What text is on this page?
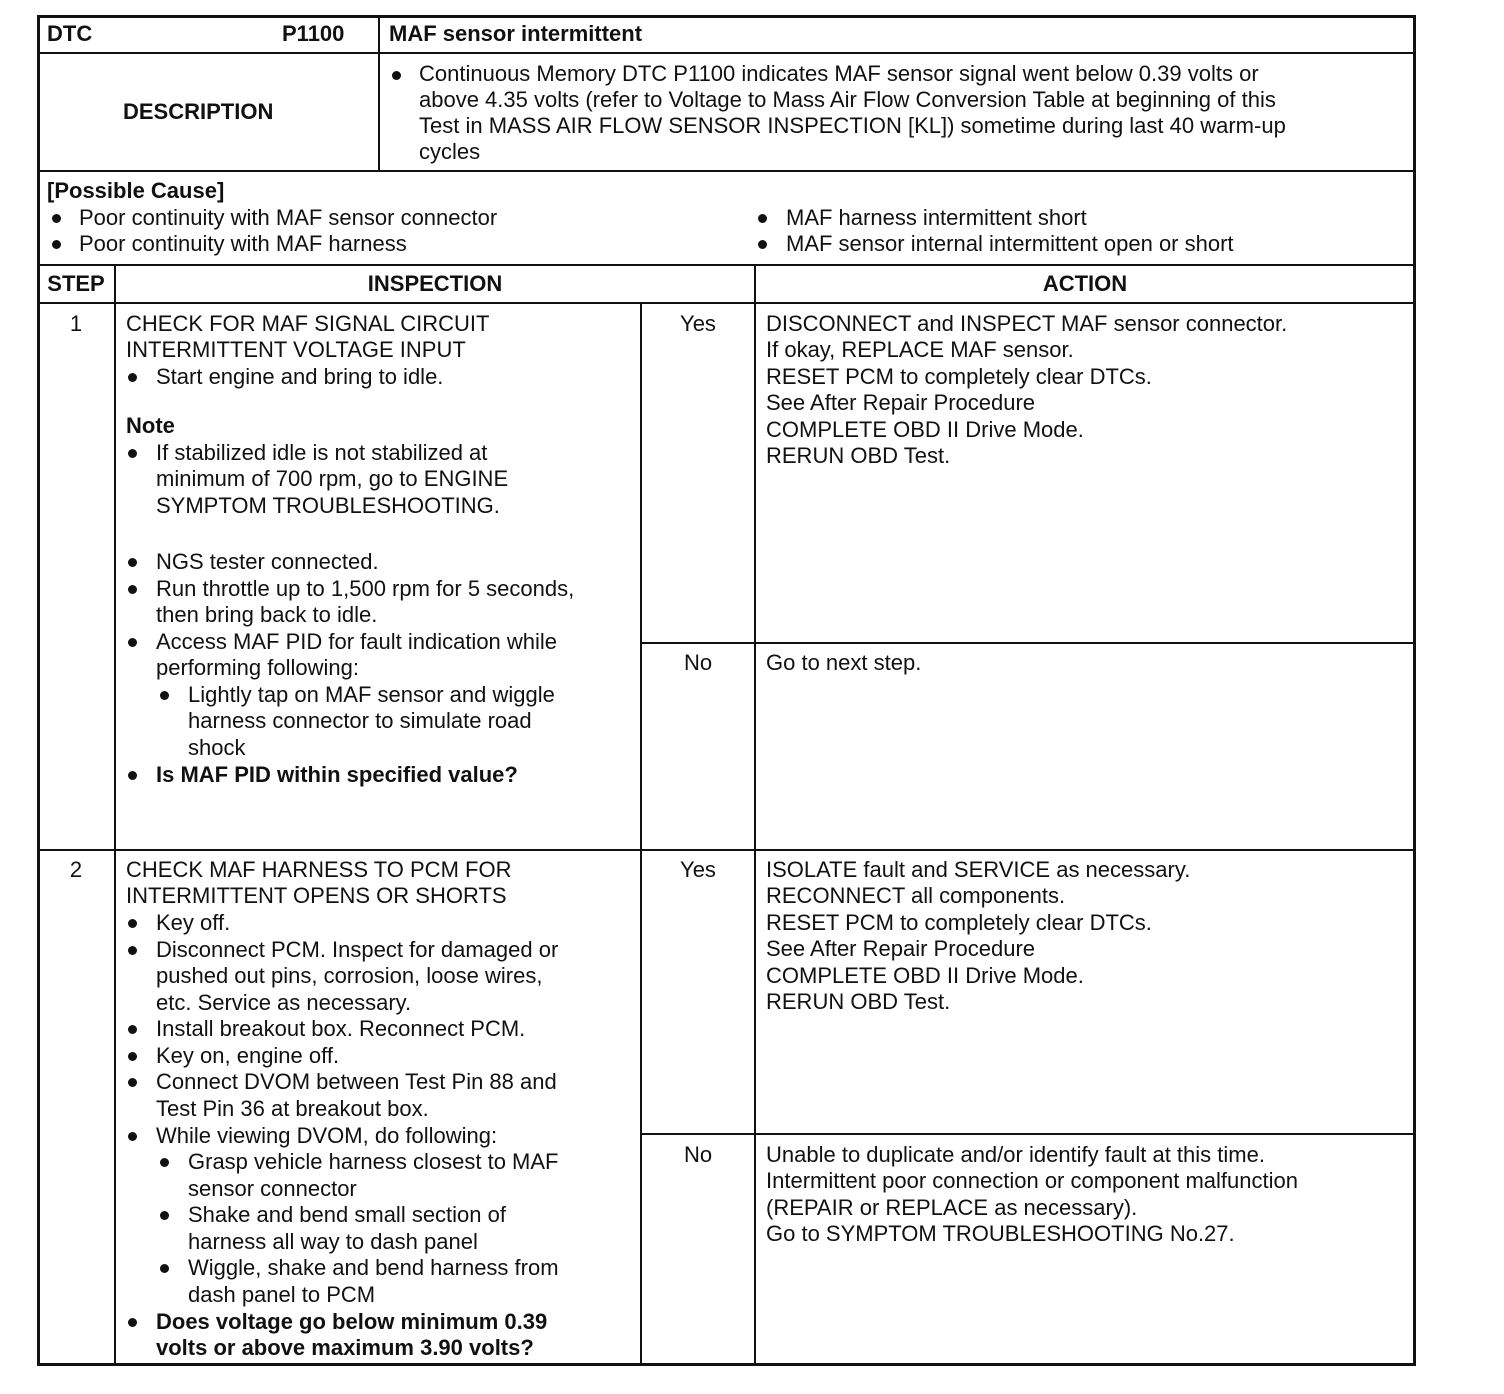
DTC	P1100 MAF sensor intermittent
DESCRIPTION
Continuous Memory DTC P1100 indicates MAF sensor signal went below 0.39 volts or
above 4.35 volts (refer to Voltage to Mass Air Flow Conversion Table at beginning of this
Test in MASS AIR FLOW SENSOR INSPECTION [KL]) sometime during last 40 warm-up
cycles
[Possible Cause]
Poor continuity with MAF sensor connector
Poor continuity with MAF harness
MAF harness intermittent short
MAF sensor internal intermittent open or short
STEP	INSPECTION	ACTION
1	CHECK FOR MAF SIGNAL CIRCUIT
INTERMITTENT VOLTAGE INPUT
Start engine and bring to idle.
Note
If stabilized idle is not stabilized at
minimum of 700 rpm, go to ENGINE
SYMPTOM TROUBLESHOOTING.
NGS tester connected.
Run throttle up to 1,500 rpm for 5 seconds,
then bring back to idle.
Access MAF PID for fault indication while
performing following:
Lightly tap on MAF sensor and wiggle
harness connector to simulate road
shock
Is MAF PID within specified value?
Yes	DISCONNECT and INSPECT MAF sensor connector.
If okay, REPLACE MAF sensor.
RESET PCM to completely clear DTCs.
See After Repair Procedure
COMPLETE OBD II Drive Mode.
RERUN OBD Test.
No	Go to next step.
2	CHECK MAF HARNESS TO PCM FOR
INTERMITTENT OPENS OR SHORTS
Key off.
Disconnect PCM. Inspect for damaged or
pushed out pins, corrosion, loose wires,
etc. Service as necessary.
Install breakout box. Reconnect PCM.
Key on, engine off.
Connect DVOM between Test Pin 88 and
Test Pin 36 at breakout box.
While viewing DVOM, do following:
Grasp vehicle harness closest to MAF
sensor connector
Shake and bend small section of
harness all way to dash panel
Wiggle, shake and bend harness from
dash panel to PCM
Does voltage go below minimum 0.39
volts or above maximum 3.90 volts?
Yes	ISOLATE fault and SERVICE as necessary.
RECONNECT all components.
RESET PCM to completely clear DTCs.
See After Repair Procedure
COMPLETE OBD II Drive Mode.
RERUN OBD Test.
No	Unable to duplicate and/or identify fault at this time.
Intermittent poor connection or component malfunction
(REPAIR or REPLACE as necessary).
Go to SYMPTOM TROUBLESHOOTING No.27.
